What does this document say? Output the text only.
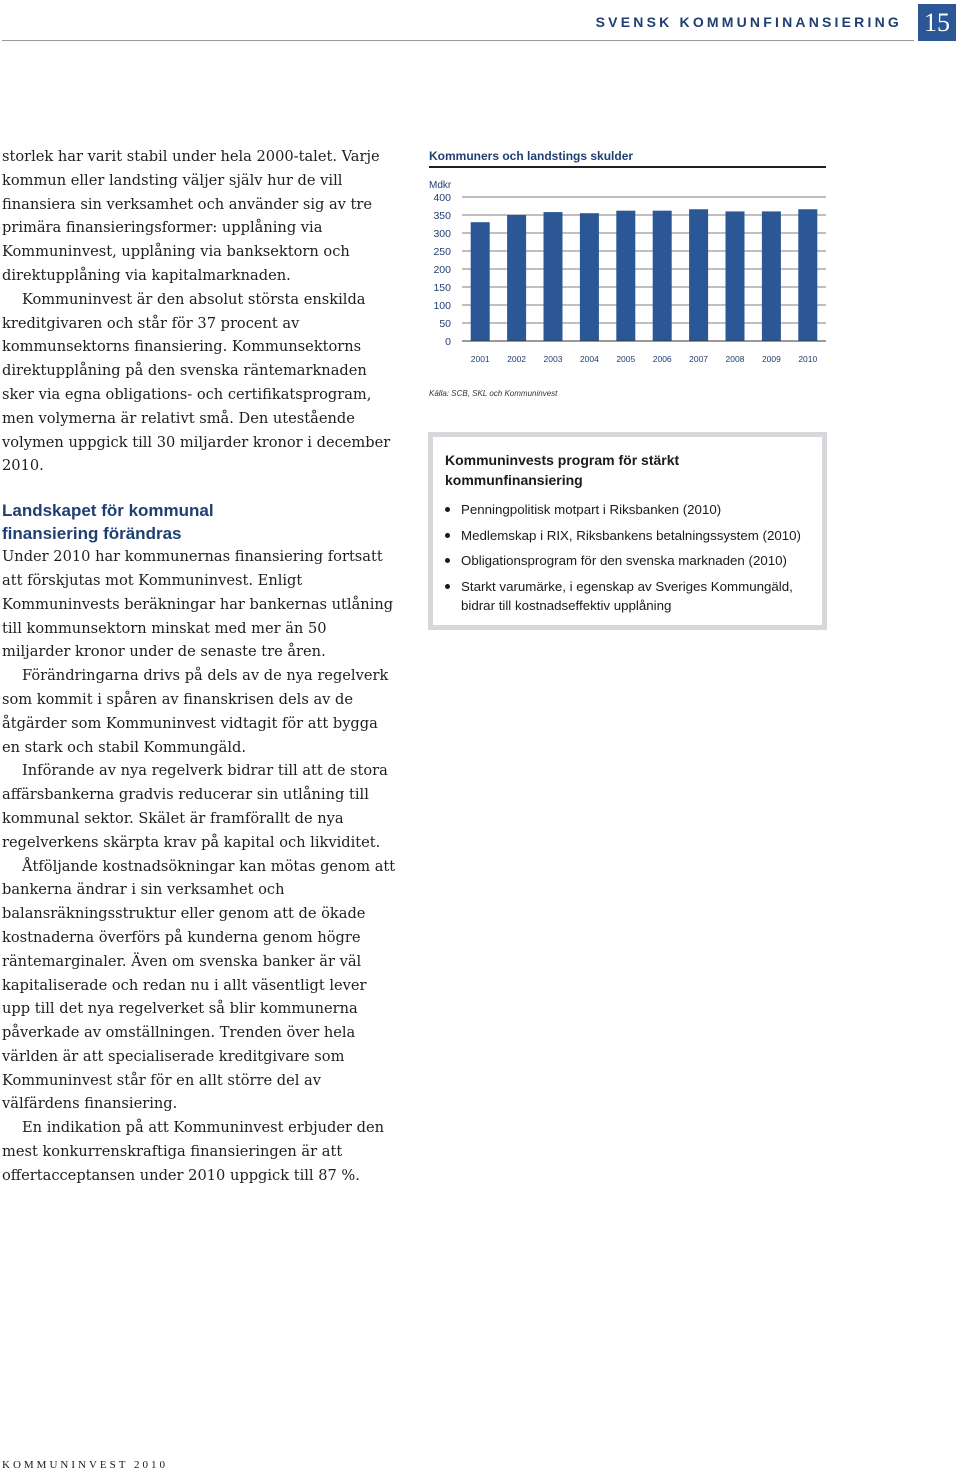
SVENSK KOMMUNFINANSIERING 15

storlek har varit stabil under hela 2000-talet. Varje kommun eller landsting väljer själv hur de vill finansiera sin verksamhet och använder sig av tre primära finansieringsformer: upplåning via Kommuninvest, upplåning via banksektorn och direktupplåning via kapitalmarknaden.

Kommuninvest är den absolut största enskilda kreditgivaren och står för 37 procent av kommunsektorns finansiering. Kommunsektorns direktupplåning på den svenska räntemarknaden sker via egna obligations- och certifikatsprogram, men volymerna är relativt små. Den utestående volymen uppgick till 30 miljarder kronor i december 2010.

Landskapet för kommunal finansiering förändras

Under 2010 har kommunernas finansiering fortsatt att förskjutas mot Kommuninvest. Enligt Kommuninvests beräkningar har bankernas utlåning till kommunsektorn minskat med mer än 50 miljarder kronor under de senaste tre åren.

Förändringarna drivs på dels av de nya regelverk som kommit i spåren av finanskrisen dels av de åtgärder som Kommuninvest vidtagit för att bygga en stark och stabil Kommungäld.

Införande av nya regelverk bidrar till att de stora affärsbankerna gradvis reducerar sin utlåning till kommunal sektor. Skälet är framförallt de nya regelverkens skärpta krav på kapital och likviditet.

Åtföljande kostnadsökningar kan mötas genom att bankerna ändrar i sin verksamhet och balansräkningsstruktur eller genom att de ökade kostnaderna överförs på kunderna genom högre räntemarginaler. Även om svenska banker är väl kapitaliserade och redan nu i allt väsentligt lever upp till det nya regelverket så blir kommunerna påverkade av omställningen. Trenden över hela världen är att specialiserade kreditgivare som Kommuninvest står för en allt större del av välfärdens finansiering.

En indikation på att Kommuninvest erbjuder den mest konkurrenskraftiga finansieringen är att offertacceptansen under 2010 uppgick till 87 %.

Kommuners och landstings skulder
Mdkr
0
50
100
150
200
250
300
350
400
2001 2002 2003 2004 2005 2006 2007 2008 2009 2010
Källa: SCB, SKL och Kommuninvest
Kommuninvests program för stärkt kommunfinansiering
Penningpolitisk motpart i Riksbanken (2010)
Medlemskap i RIX, Riksbankens betalningssystem (2010)
Obligationsprogram för den svenska marknaden (2010)
Starkt varumärke, i egenskap av Sveriges Kommungäld, bidrar till kostnadseffektiv upplåning
KOMMUNINVEST 2010
